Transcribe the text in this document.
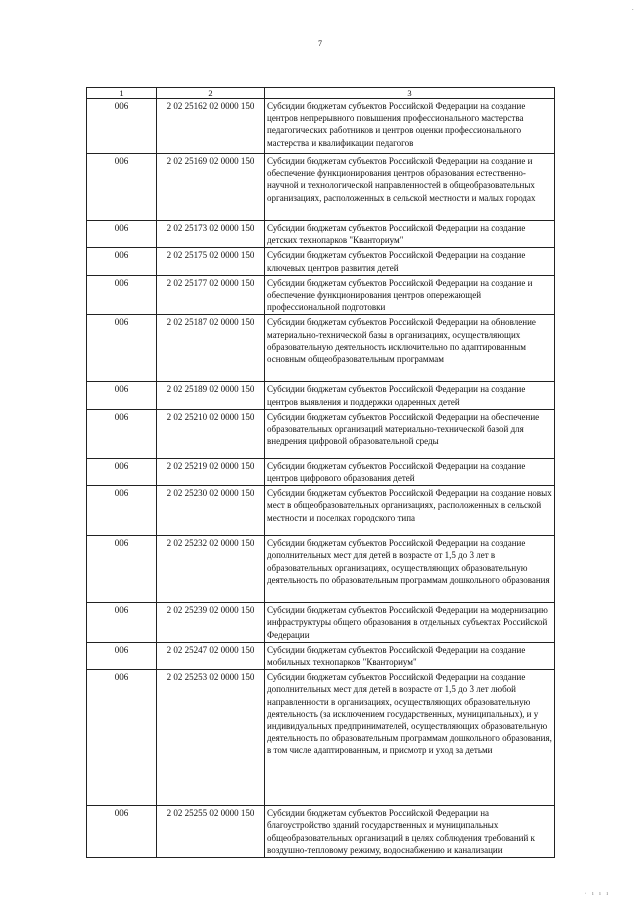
7
·
1	2	3
006	2 02 25162 02 0000 150	Субсидии бюджетам субъектов Российской Федерации на создание центров непрерывного повышения профессионального мастерства педагогических работников и центров оценки профессионального мастерства и квалификации педагогов
006	2 02 25169 02 0000 150	Субсидии бюджетам субъектов Российской Федерации на создание и обеспечение функционирования центров образования естественно-научной и технологической направленностей в общеобразовательных организациях, расположенных в сельской местности и малых городах
006	2 02 25173 02 0000 150	Субсидии бюджетам субъектов Российской Федерации на создание детских технопарков "Кванториум"
006	2 02 25175 02 0000 150	Субсидии бюджетам субъектов Российской Федерации на создание ключевых центров развития детей
006	2 02 25177 02 0000 150	Субсидии бюджетам субъектов Российской Федерации на создание и обеспечение функционирования центров опережающей профессиональной подготовки
006	2 02 25187 02 0000 150	Субсидии бюджетам субъектов Российской Федерации на обновление материально-технической базы в организациях, осуществляющих образовательную деятельность исключительно по адаптированным основным общеобразовательным программам
006	2 02 25189 02 0000 150	Субсидии бюджетам субъектов Российской Федерации на создание центров выявления и поддержки одаренных детей
006	2 02 25210 02 0000 150	Субсидии бюджетам субъектов Российской Федерации на обеспечение образовательных организаций материально-технической базой для внедрения цифровой образовательной среды
006	2 02 25219 02 0000 150	Субсидии бюджетам субъектов Российской Федерации на создание центров цифрового образования детей
006	2 02 25230 02 0000 150	Субсидии бюджетам субъектов Российской Федерации на создание новых мест в общеобразовательных организациях, расположенных в сельской местности и поселках городского типа
006	2 02 25232 02 0000 150	Субсидии бюджетам субъектов Российской Федерации на создание дополнительных мест для детей в возрасте от 1,5 до 3 лет в образовательных организациях, осуществляющих образовательную деятельность по образовательным программам дошкольного образования
006	2 02 25239 02 0000 150	Субсидии бюджетам субъектов Российской Федерации на модернизацию инфраструктуры общего образования в отдельных субъектах Российской Федерации
006	2 02 25247 02 0000 150	Субсидии бюджетам субъектов Российской Федерации на создание мобильных технопарков "Кванториум"
006	2 02 25253 02 0000 150	Субсидии бюджетам субъектов Российской Федерации на создание дополнительных мест для детей в возрасте от 1,5 до 3 лет любой направленности в организациях, осуществляющих образовательную деятельность (за исключением государственных, муниципальных), и у индивидуальных предпринимателей, осуществляющих образовательную деятельность по образовательным программам дошкольного образования, в том числе адаптированным, и присмотр и уход за детьми
006	2 02 25255 02 0000 150	Субсидии бюджетам субъектов Российской Федерации на благоустройство зданий государственных и муниципальных общеобразовательных организаций в целях соблюдения требований к воздушно-тепловому режиму, водоснабжению и канализации
· ı ı ı
